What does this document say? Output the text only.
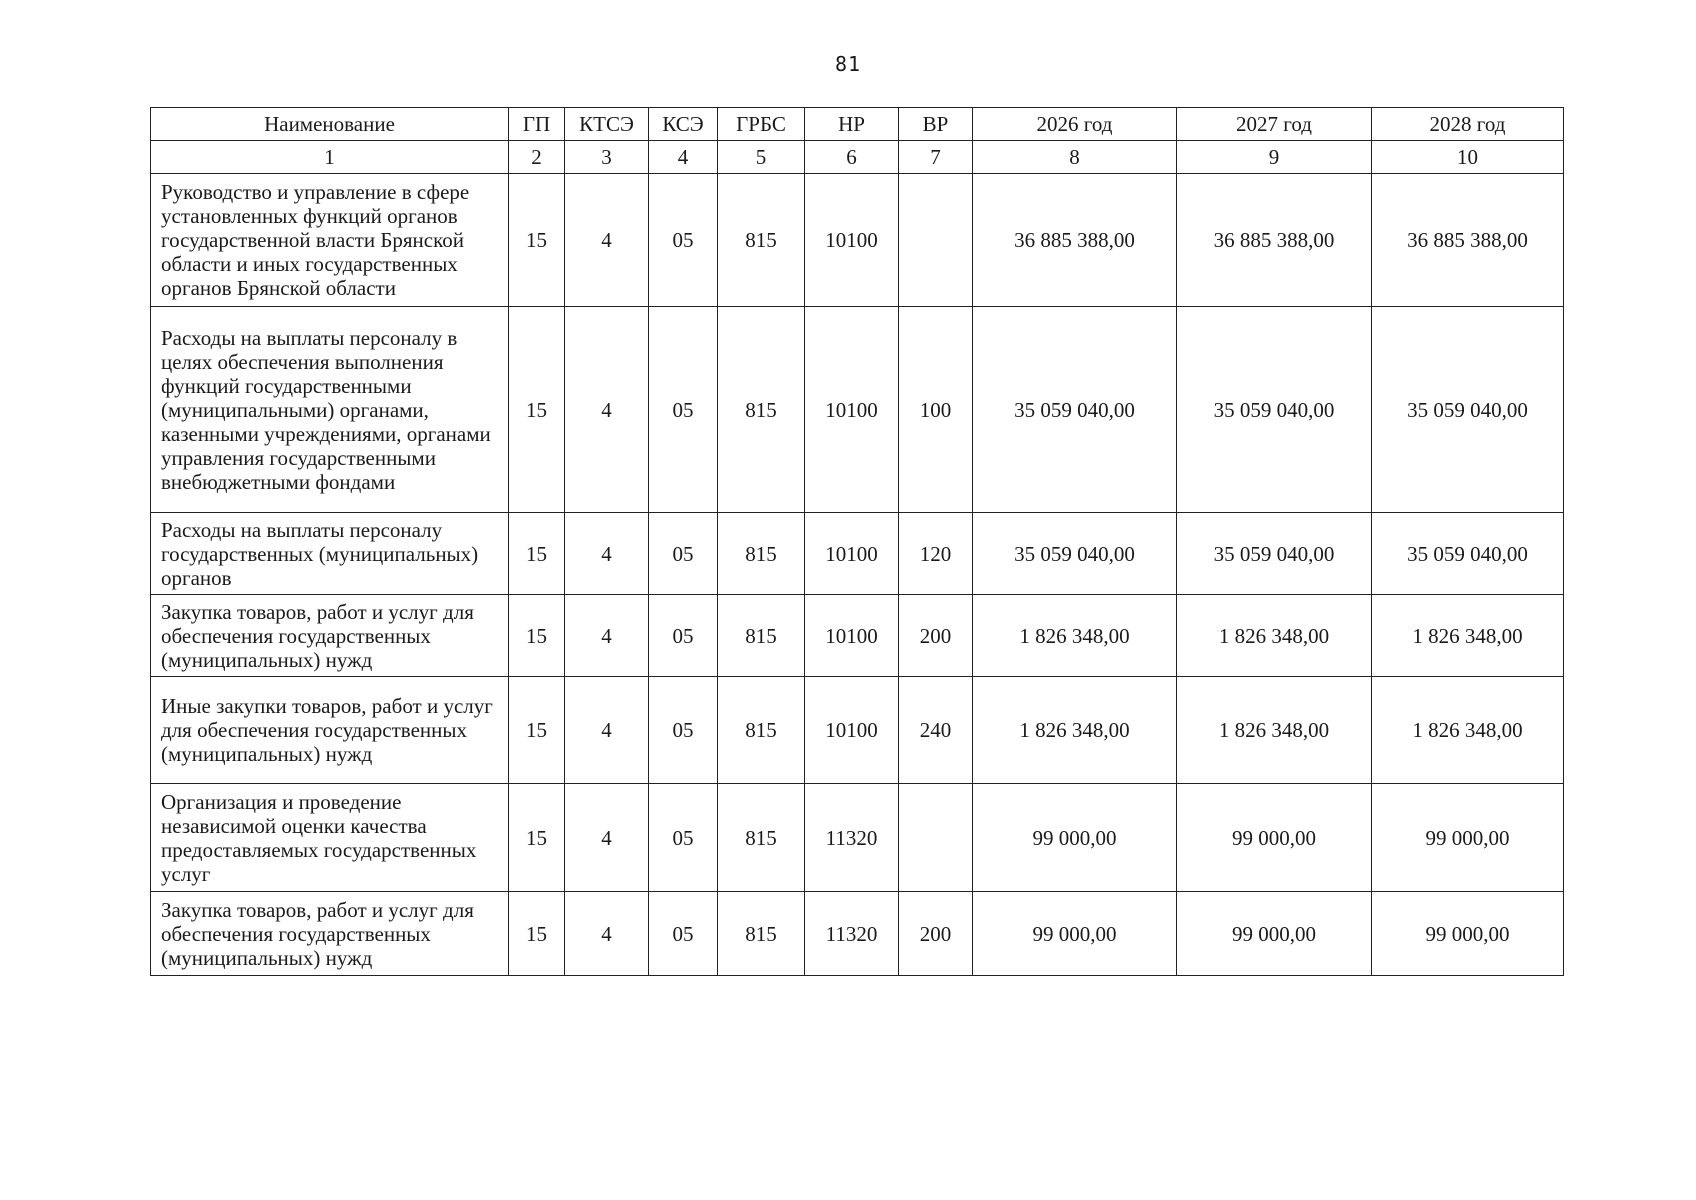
81
Наименование	ГП	КТСЭ	КСЭ	ГРБС	НР	ВР	2026 год	2027 год	2028 год
1	2	3	4	5	6	7	8	9	10
Руководство и управление в сфере установленных функций органов государственной власти Брянской области и иных государственных органов Брянской области	15	4	05	815	10100		36 885 388,00	36 885 388,00	36 885 388,00
Расходы на выплаты персоналу в целях обеспечения выполнения функций государственными (муниципальными) органами, казенными учреждениями, органами управления государственными внебюджетными фондами	15	4	05	815	10100	100	35 059 040,00	35 059 040,00	35 059 040,00
Расходы на выплаты персоналу государственных (муниципальных) органов	15	4	05	815	10100	120	35 059 040,00	35 059 040,00	35 059 040,00
Закупка товаров, работ и услуг для обеспечения государственных (муниципальных) нужд	15	4	05	815	10100	200	1 826 348,00	1 826 348,00	1 826 348,00
Иные закупки товаров, работ и услуг для обеспечения государственных (муниципальных) нужд	15	4	05	815	10100	240	1 826 348,00	1 826 348,00	1 826 348,00
Организация и проведение независимой оценки качества предоставляемых государственных услуг	15	4	05	815	11320		99 000,00	99 000,00	99 000,00
Закупка товаров, работ и услуг для обеспечения государственных (муниципальных) нужд	15	4	05	815	11320	200	99 000,00	99 000,00	99 000,00
